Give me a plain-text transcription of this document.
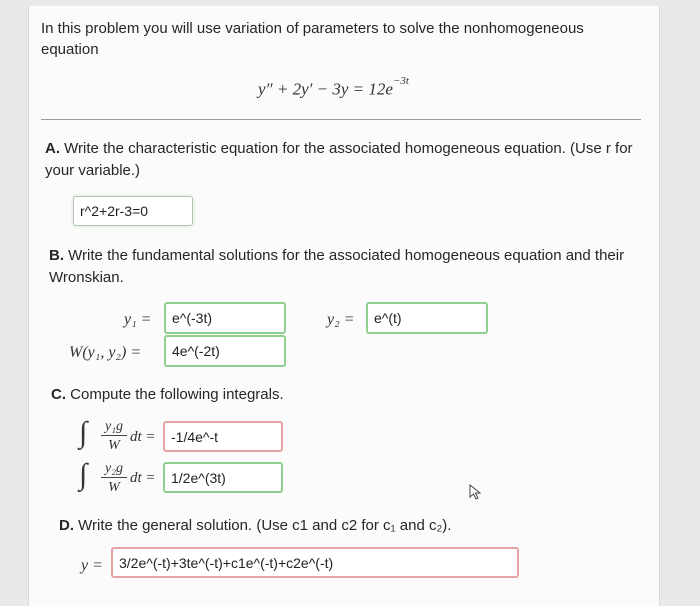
In this problem you will use variation of parameters to solve the nonhomogeneous
equation
$y'' + 2y' - 3y = 12e^{-3t}$
A. Write the characteristic equation for the associated homogeneous equation. (Use r for
your variable.)
r^2+2r-3=0
B. Write the fundamental solutions for the associated homogeneous equation and their
Wronskian.
y₁ =	e^(-3t)	y₂ =	e^(t)
W(y₁, y₂) =	4e^(-2t)
C. Compute the following integrals.
∫ y₁g
W
dt =	-1/4e^-t
∫ y₂g
W
dt =	1/2e^(3t)
D. Write the general solution. (Use c1 and c2 for c₁ and c₂).
y =	3/2e^(-t)+3te^(-t)+c1e^(-t)+c2e^(-t)
